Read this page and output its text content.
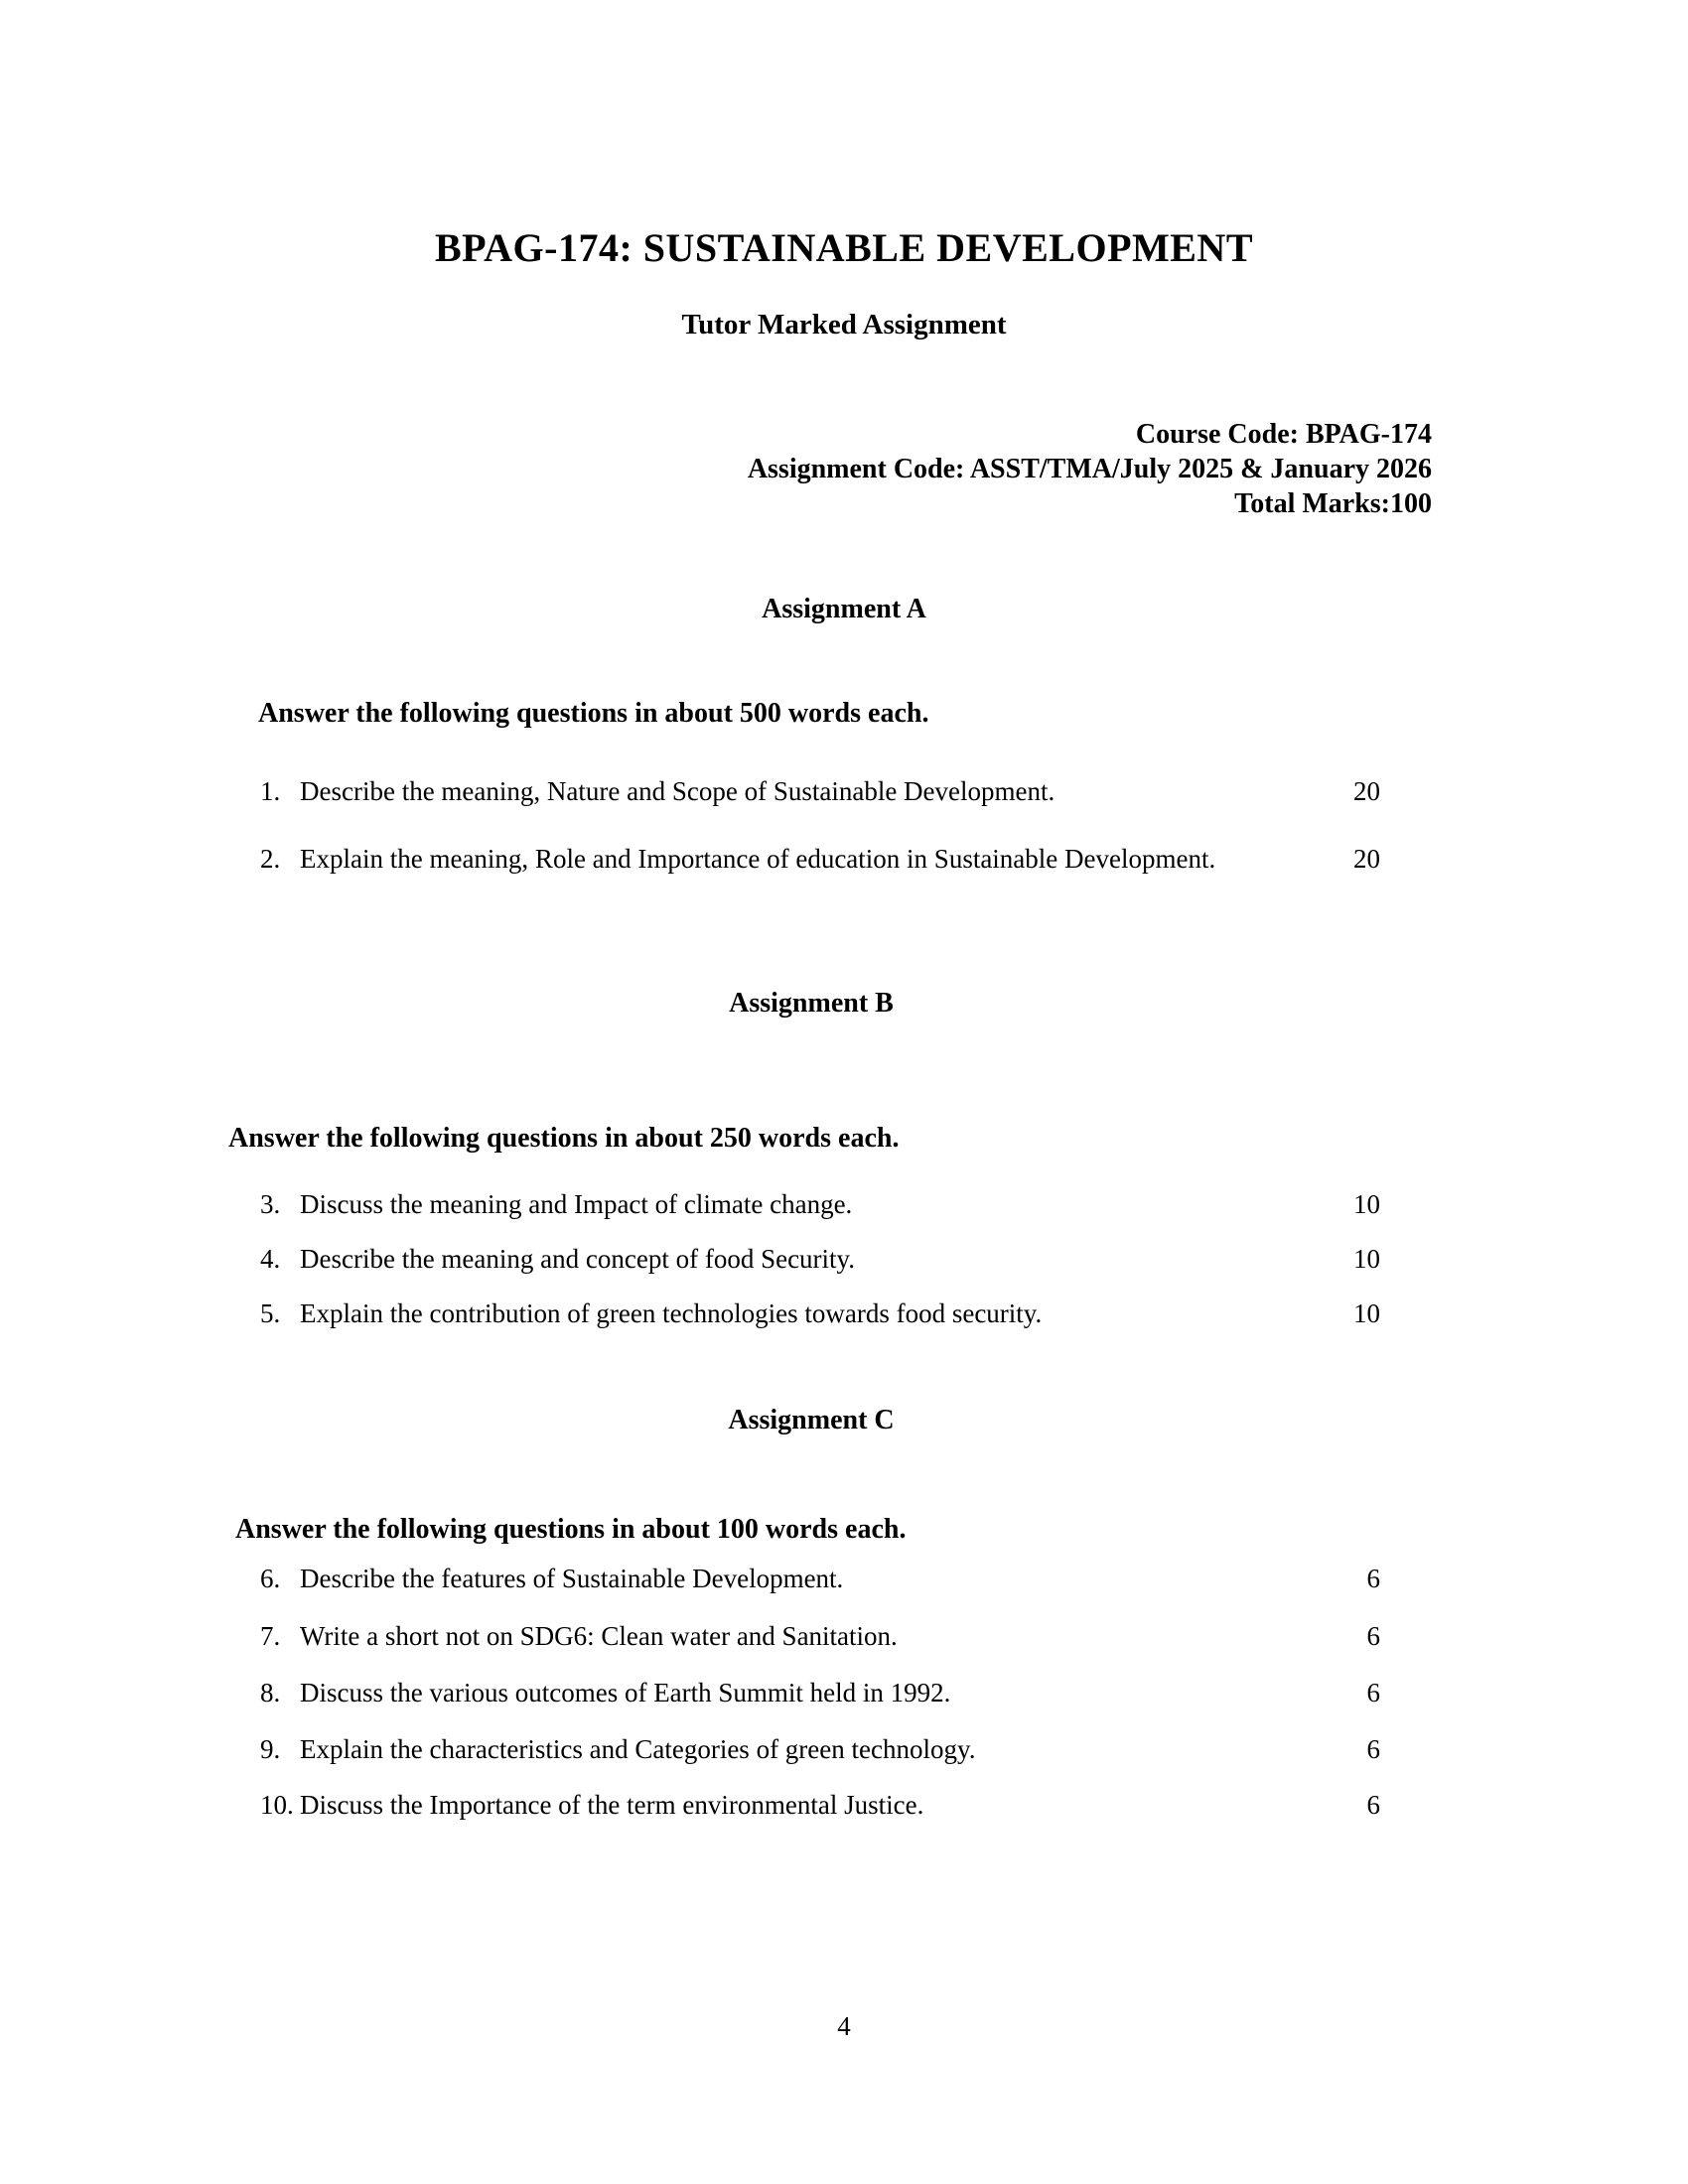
BPAG-174: SUSTAINABLE DEVELOPMENT
Tutor Marked Assignment
Course Code: BPAG-174
Assignment Code: ASST/TMA/July 2025 & January 2026
Total Marks:100
Assignment A
Answer the following questions in about 500 words each.
1. Describe the meaning, Nature and Scope of Sustainable Development.	20
2. Explain the meaning, Role and Importance of education in Sustainable Development.	20
Assignment B
Answer the following questions in about 250 words each.
3. Discuss the meaning and Impact of climate change.	10
4. Describe the meaning and concept of food Security.	10
5. Explain the contribution of green technologies towards food security.	10
Assignment C
Answer the following questions in about 100 words each.
6. Describe the features of Sustainable Development.	6
7. Write a short not on SDG6: Clean water and Sanitation.	6
8. Discuss the various outcomes of Earth Summit held in 1992.	6
9. Explain the characteristics and Categories of green technology.	6
10. Discuss the Importance of the term environmental Justice.	6
4
